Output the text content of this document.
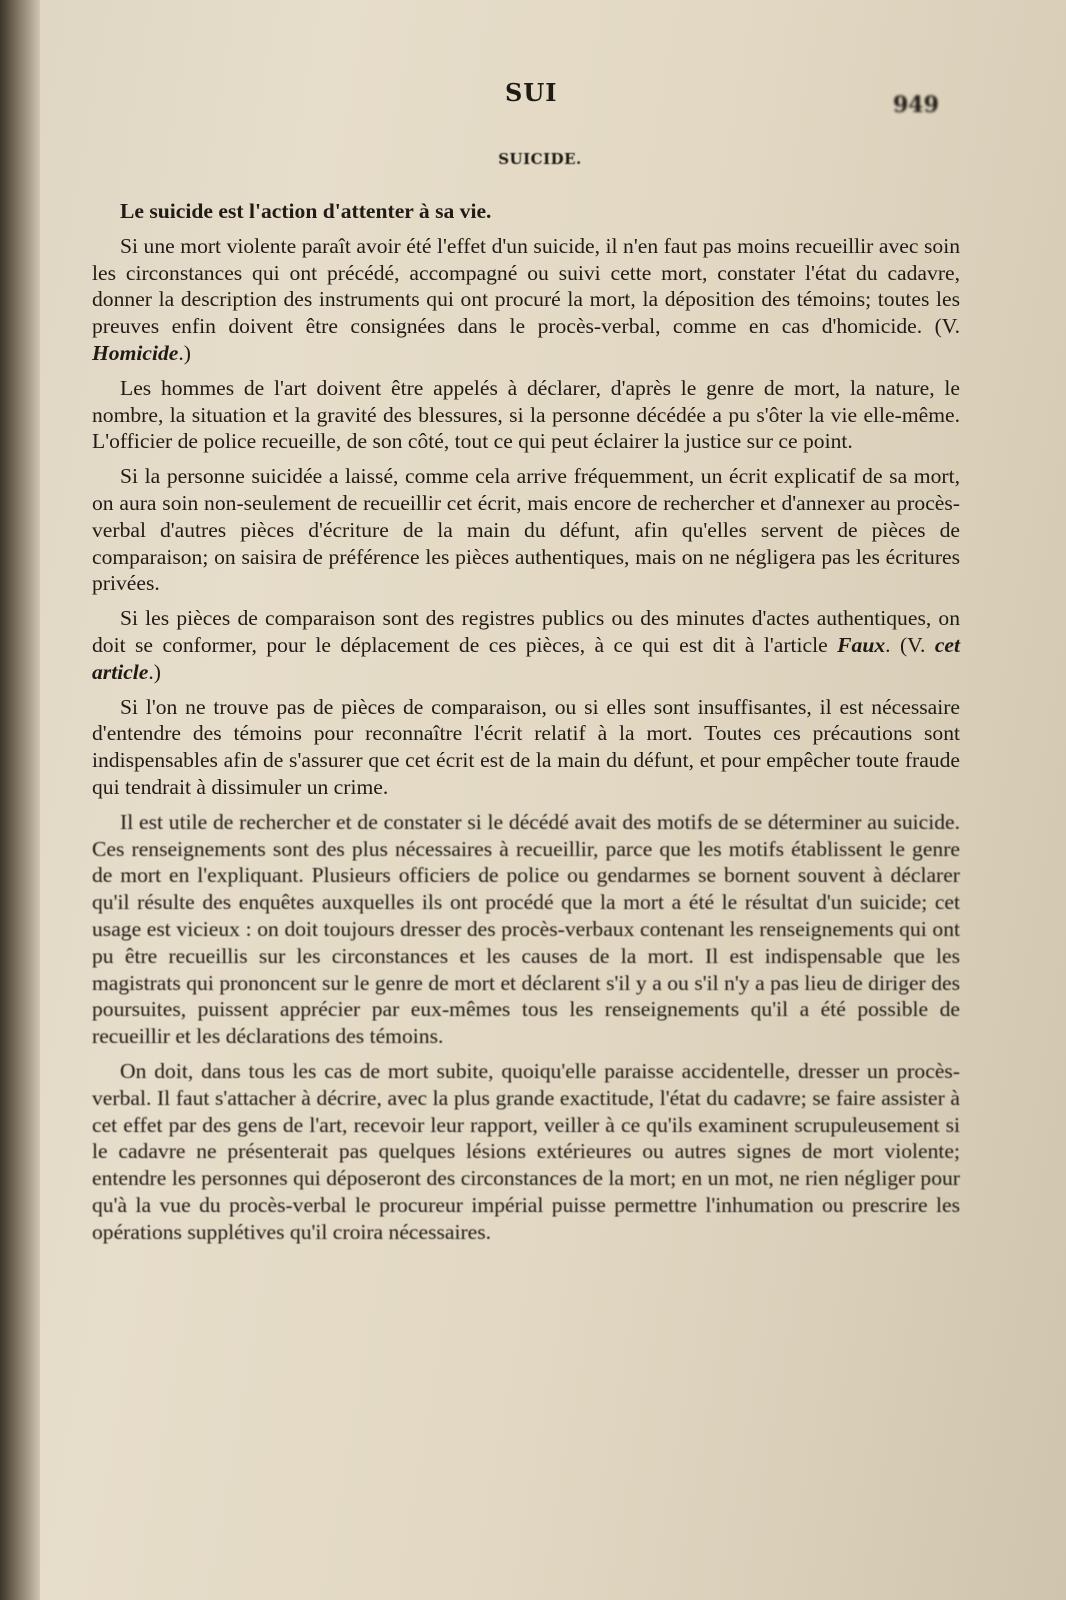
SUI	949
SUICIDE.

Le suicide est l'action d'attenter à sa vie.

Si une mort violente paraît avoir été l'effet d'un suicide, il n'en faut pas moins recueillir avec soin les circonstances qui ont précédé, accompagné ou suivi cette mort, constater l'état du cadavre, donner la description des instruments qui ont procuré la mort, la déposition des témoins; toutes les preuves enfin doivent être consignées dans le procès-verbal, comme en cas d'homicide. (V. Homicide.)

Les hommes de l'art doivent être appelés à déclarer, d'après le genre de mort, la nature, le nombre, la situation et la gravité des blessures, si la personne décédée a pu s'ôter la vie elle-même. L'officier de police recueille, de son côté, tout ce qui peut éclairer la justice sur ce point.

Si la personne suicidée a laissé, comme cela arrive fréquemment, un écrit explicatif de sa mort, on aura soin non-seulement de recueillir cet écrit, mais encore de rechercher et d'annexer au procès-verbal d'autres pièces d'écriture de la main du défunt, afin qu'elles servent de pièces de comparaison; on saisira de préférence les pièces authentiques, mais on ne négligera pas les écritures privées.

Si les pièces de comparaison sont des registres publics ou des minutes d'actes authentiques, on doit se conformer, pour le déplacement de ces pièces, à ce qui est dit à l'article Faux. (V. cet article.)

Si l'on ne trouve pas de pièces de comparaison, ou si elles sont insuffisantes, il est nécessaire d'entendre des témoins pour reconnaître l'écrit relatif à la mort. Toutes ces précautions sont indispensables afin de s'assurer que cet écrit est de la main du défunt, et pour empêcher toute fraude qui tendrait à dissimuler un crime.

Il est utile de rechercher et de constater si le décédé avait des motifs de se déterminer au suicide. Ces renseignements sont des plus nécessaires à recueillir, parce que les motifs établissent le genre de mort en l'expliquant. Plusieurs officiers de police ou gendarmes se bornent souvent à déclarer qu'il résulte des enquêtes auxquelles ils ont procédé que la mort a été le résultat d'un suicide; cet usage est vicieux : on doit toujours dresser des procès-verbaux contenant les renseignements qui ont pu être recueillis sur les circonstances et les causes de la mort. Il est indispensable que les magistrats qui prononcent sur le genre de mort et déclarent s'il y a ou s'il n'y a pas lieu de diriger des poursuites, puissent apprécier par eux-mêmes tous les renseignements qu'il a été possible de recueillir et les déclarations des témoins.

On doit, dans tous les cas de mort subite, quoiqu'elle paraisse accidentelle, dresser un procès-verbal. Il faut s'attacher à décrire, avec la plus grande exactitude, l'état du cadavre; se faire assister à cet effet par des gens de l'art, recevoir leur rapport, veiller à ce qu'ils examinent scrupuleusement si le cadavre ne présenterait pas quelques lésions extérieures ou autres signes de mort violente; entendre les personnes qui déposeront des circonstances de la mort; en un mot, ne rien négliger pour qu'à la vue du procès-verbal le procureur impérial puisse permettre l'inhumation ou prescrire les opérations supplétives qu'il croira nécessaires.
